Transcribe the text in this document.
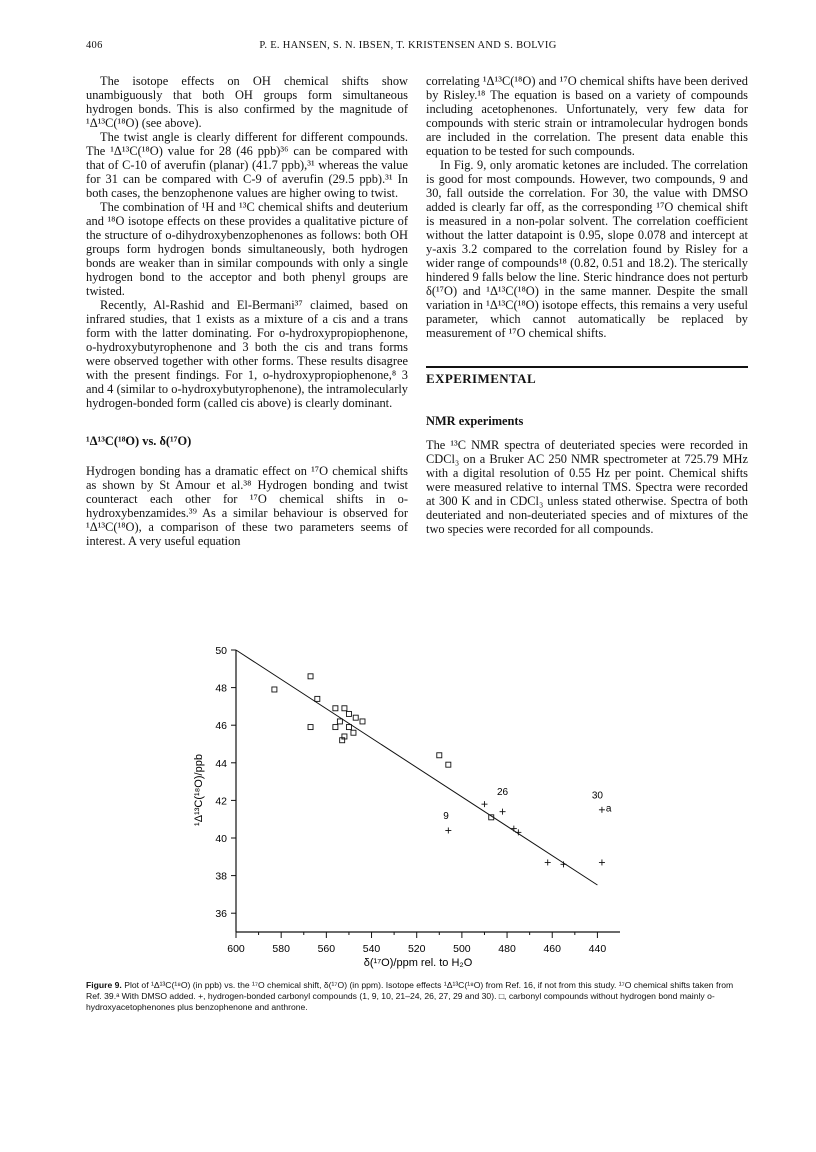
406	P. E. HANSEN, S. N. IBSEN, T. KRISTENSEN AND S. BOLVIG

The isotope effects on OH chemical shifts show unambiguously that both OH groups form simultaneous hydrogen bonds. This is also confirmed by the magnitude of ¹Δ¹³C(¹⁸O) (see above).

The twist angle is clearly different for different compounds. The ¹Δ¹³C(¹⁸O) value for 28 (46 ppb)³⁶ can be compared with that of C-10 of averufin (planar) (41.7 ppb),³¹ whereas the value for 31 can be compared with C-9 of averufin (29.5 ppb).³¹ In both cases, the benzophenone values are higher owing to twist.

The combination of ¹H and ¹³C chemical shifts and deuterium and ¹⁸O isotope effects on these provides a qualitative picture of the structure of o-dihydroxybenzophenones as follows: both OH groups form hydrogen bonds simultaneously, both hydrogen bonds are weaker than in similar compounds with only a single hydrogen bond to the acceptor and both phenyl groups are twisted.

Recently, Al-Rashid and El-Bermani³⁷ claimed, based on infrared studies, that 1 exists as a mixture of a cis and a trans form with the latter dominating. For o-hydroxypropiophenone, o-hydroxybutyrophenone and 3 both the cis and trans forms were observed together with other forms. These results disagree with the present findings. For 1, o-hydroxypropiophenone,⁸ 3 and 4 (similar to o-hydroxybutyrophenone), the intramolecularly hydrogen-bonded form (called cis above) is clearly dominant.

¹Δ¹³C(¹⁸O) vs. δ(¹⁷O)

Hydrogen bonding has a dramatic effect on ¹⁷O chemical shifts as shown by St Amour et al.³⁸ Hydrogen bonding and twist counteract each other for ¹⁷O chemical shifts in o-hydroxybenzamides.³⁹ As a similar behaviour is observed for ¹Δ¹³C(¹⁸O), a comparison of these two parameters seems of interest. A very useful equation

correlating ¹Δ¹³C(¹⁸O) and ¹⁷O chemical shifts have been derived by Risley.¹⁸ The equation is based on a variety of compounds including acetophenones. Unfortunately, very few data for compounds with steric strain or intramolecular hydrogen bonds are included in the correlation. The present data enable this equation to be tested for such compounds.

In Fig. 9, only aromatic ketones are included. The correlation is good for most compounds. However, two compounds, 9 and 30, fall outside the correlation. For 30, the value with DMSO added is clearly far off, as the corresponding ¹⁷O chemical shift is measured in a non-polar solvent. The correlation coefficient without the latter datapoint is 0.95, slope 0.078 and intercept at y-axis 3.2 compared to the correlation found by Risley for a wider range of compounds¹⁸ (0.82, 0.51 and 18.2). The sterically hindered 9 falls below the line. Steric hindrance does not perturb δ(¹⁷O) and ¹Δ¹³C(¹⁸O) in the same manner. Despite the small variation in ¹Δ¹³C(¹⁸O) isotope effects, this remains a very useful parameter, which cannot automatically be replaced by measurement of ¹⁷O chemical shifts.

EXPERIMENTAL
NMR experiments

The ¹³C NMR spectra of deuteriated species were recorded in CDCl₃ on a Bruker AC 250 NMR spectrometer at 725.79 MHz with a digital resolution of 0.55 Hz per point. Chemical shifts were measured relative to internal TMS. Spectra were recorded at 300 K and in CDCl₃ unless stated otherwise. Spectra of both deuteriated and non-deuteriated species and of mixtures of the two species were recorded for all compounds.

36
38
40
42
44
46
48
50
600	580	560	540	520	500	480	460	440
26	30
a
9
δ(¹⁷O)/ppm rel. to H₂O
¹Δ¹³C(¹⁸O)/ppb
Figure 9. Plot of ¹Δ¹³C(¹⁸O) (in ppb) vs. the ¹⁷O chemical shift, δ(¹⁷O) (in ppm). Isotope effects ¹Δ¹³C(¹⁸O) from Ref. 16, if not from this study. ¹⁷O chemical shifts taken from Ref. 39.ᵃ With DMSO added. +, hydrogen-bonded carbonyl compounds (1, 9, 10, 21–24, 26, 27, 29 and 30). □, carbonyl compounds without hydrogen bond mainly o-hydroxyacetophenones plus benzophenone and anthrone.
